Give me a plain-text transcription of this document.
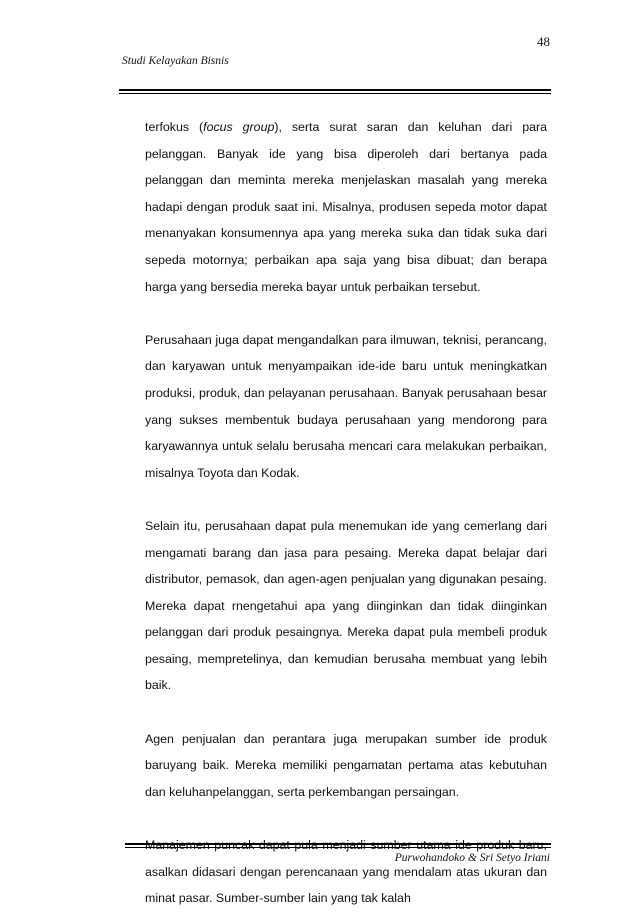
48
Studi Kelayakan Bisnis

terfokus (focus group), serta surat saran dan keluhan dari para pelanggan. Banyak ide yang bisa diperoleh dari bertanya pada pelanggan dan meminta mereka menjelaskan masalah yang mereka hadapi dengan produk saat ini. Misalnya, produsen sepeda motor dapat menanyakan konsumennya apa yang mereka suka dan tidak suka dari sepeda motornya; perbaikan apa saja yang bisa dibuat; dan berapa harga yang bersedia mereka bayar untuk perbaikan tersebut.

Perusahaan juga dapat mengandalkan para ilmuwan, teknisi, perancang, dan karyawan untuk menyampaikan ide-ide baru untuk meningkatkan produksi, produk, dan pelayanan perusahaan. Banyak perusahaan besar yang sukses membentuk budaya perusahaan yang mendorong para karyawannya untuk selalu berusaha mencari cara melakukan perbaikan, misalnya Toyota dan Kodak.

Selain itu, perusahaan dapat pula menemukan ide yang cemerlang dari mengamati barang dan jasa para pesaing. Mereka dapat belajar dari distributor, pemasok, dan agen-agen penjualan yang digunakan pesaing. Mereka dapat rnengetahui apa yang diinginkan dan tidak diinginkan pelanggan dari produk pesaingnya. Mereka dapat pula membeli produk pesaing, mempretelinya, dan kemudian berusaha membuat yang lebih baik.

Agen penjualan dan perantara juga merupakan sumber ide produk baruyang baik. Mereka memiliki pengamatan pertama atas kebutuhan dan keluhanpelanggan, serta perkembangan persaingan.

Manajemen puncak dapat pula menjadi sumber utama ide produk baru, asalkan didasari dengan perencanaan yang mendalam atas ukuran dan minat pasar. Sumber-sumber lain yang tak kalah

Purwohandoko & Sri Setyo Iriani
